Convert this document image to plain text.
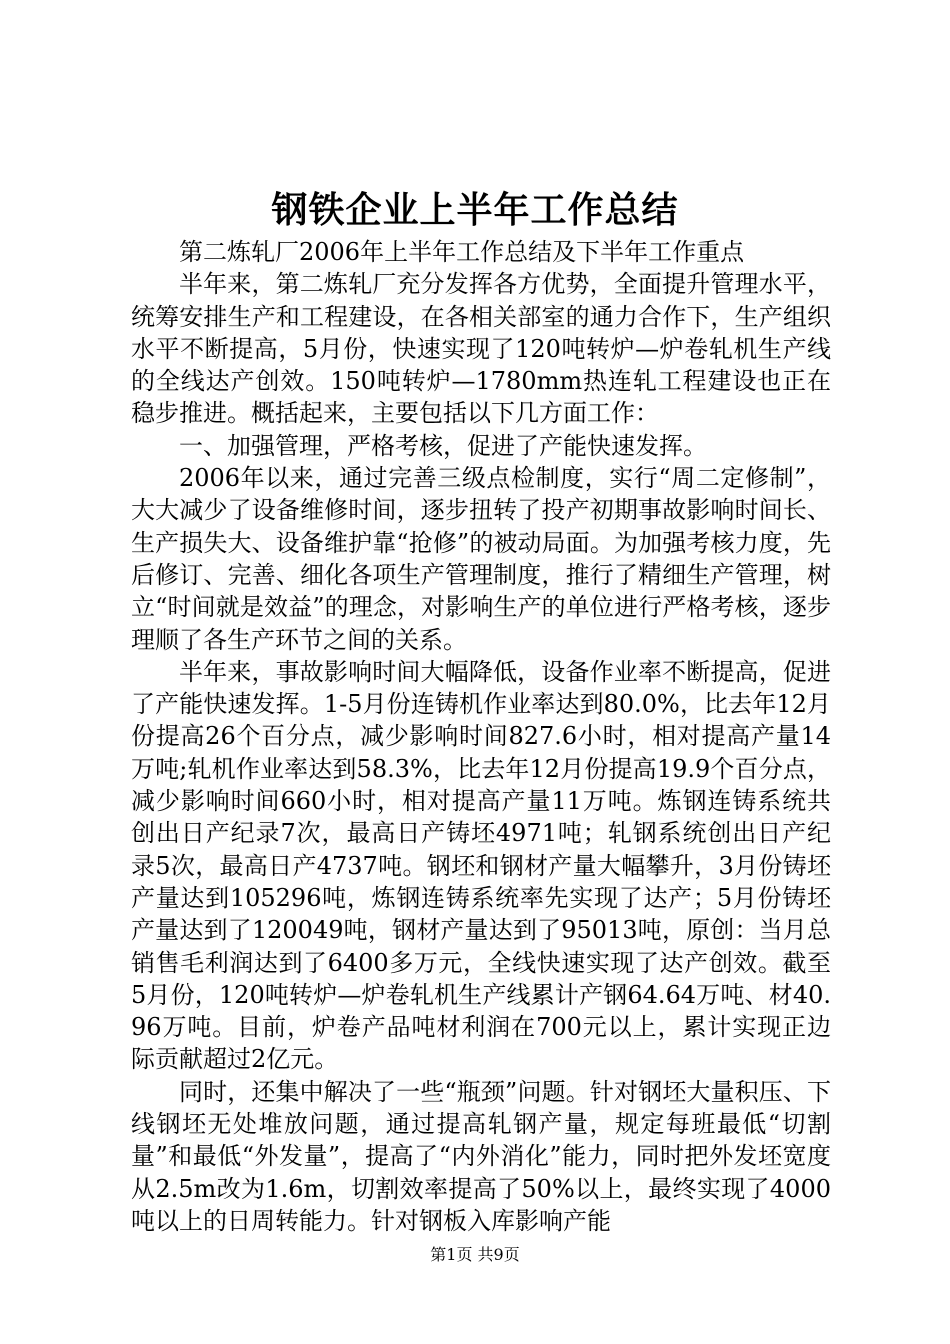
钢铁企业上半年工作总结

第二炼轧厂2006年上半年工作总结及下半年工作重点

半年来，第二炼轧厂充分发挥各方优势，全面提升管理水平，统筹安排生产和工程建设，在各相关部室的通力合作下，生产组织水平不断提高，5月份，快速实现了120吨转炉—炉卷轧机生产线的全线达产创效。150吨转炉—1780mm热连轧工程建设也正在稳步推进。概括起来，主要包括以下几方面工作：

一、加强管理，严格考核，促进了产能快速发挥。

2006年以来，通过完善三级点检制度，实行“周二定修制”，大大减少了设备维修时间，逐步扭转了投产初期事故影响时间长、生产损失大、设备维护靠“抢修”的被动局面。为加强考核力度，先后修订、完善、细化各项生产管理制度，推行了精细生产管理，树立“时间就是效益”的理念，对影响生产的单位进行严格考核，逐步理顺了各生产环节之间的关系。

半年来，事故影响时间大幅降低，设备作业率不断提高，促进了产能快速发挥。1-5月份连铸机作业率达到80.0%，比去年12月份提高26个百分点，减少影响时间827.6小时，相对提高产量14万吨;轧机作业率达到58.3%，比去年12月份提高19.9个百分点，减少影响时间660小时，相对提高产量11万吨。炼钢连铸系统共创出日产纪录7次，最高日产铸坯4971吨；轧钢系统创出日产纪录5次，最高日产4737吨。钢坯和钢材产量大幅攀升，3月份铸坯产量达到105296吨，炼钢连铸系统率先实现了达产；5月份铸坯产量达到了120049吨，钢材产量达到了95013吨，原创：当月总销售毛利润达到了6400多万元，全线快速实现了达产创效。截至5月份，120吨转炉—炉卷轧机生产线累计产钢64.64万吨、材40.96万吨。目前，炉卷产品吨材利润在700元以上，累计实现正边际贡献超过2亿元。

同时，还集中解决了一些“瓶颈”问题。针对钢坯大量积压、下线钢坯无处堆放问题，通过提高轧钢产量，规定每班最低“切割量”和最低“外发量”，提高了“内外消化”能力，同时把外发坯宽度从2.5m改为1.6m，切割效率提高了50%以上，最终实现了4000吨以上的日周转能力。针对钢板入库影响产能

第1页 共9页
